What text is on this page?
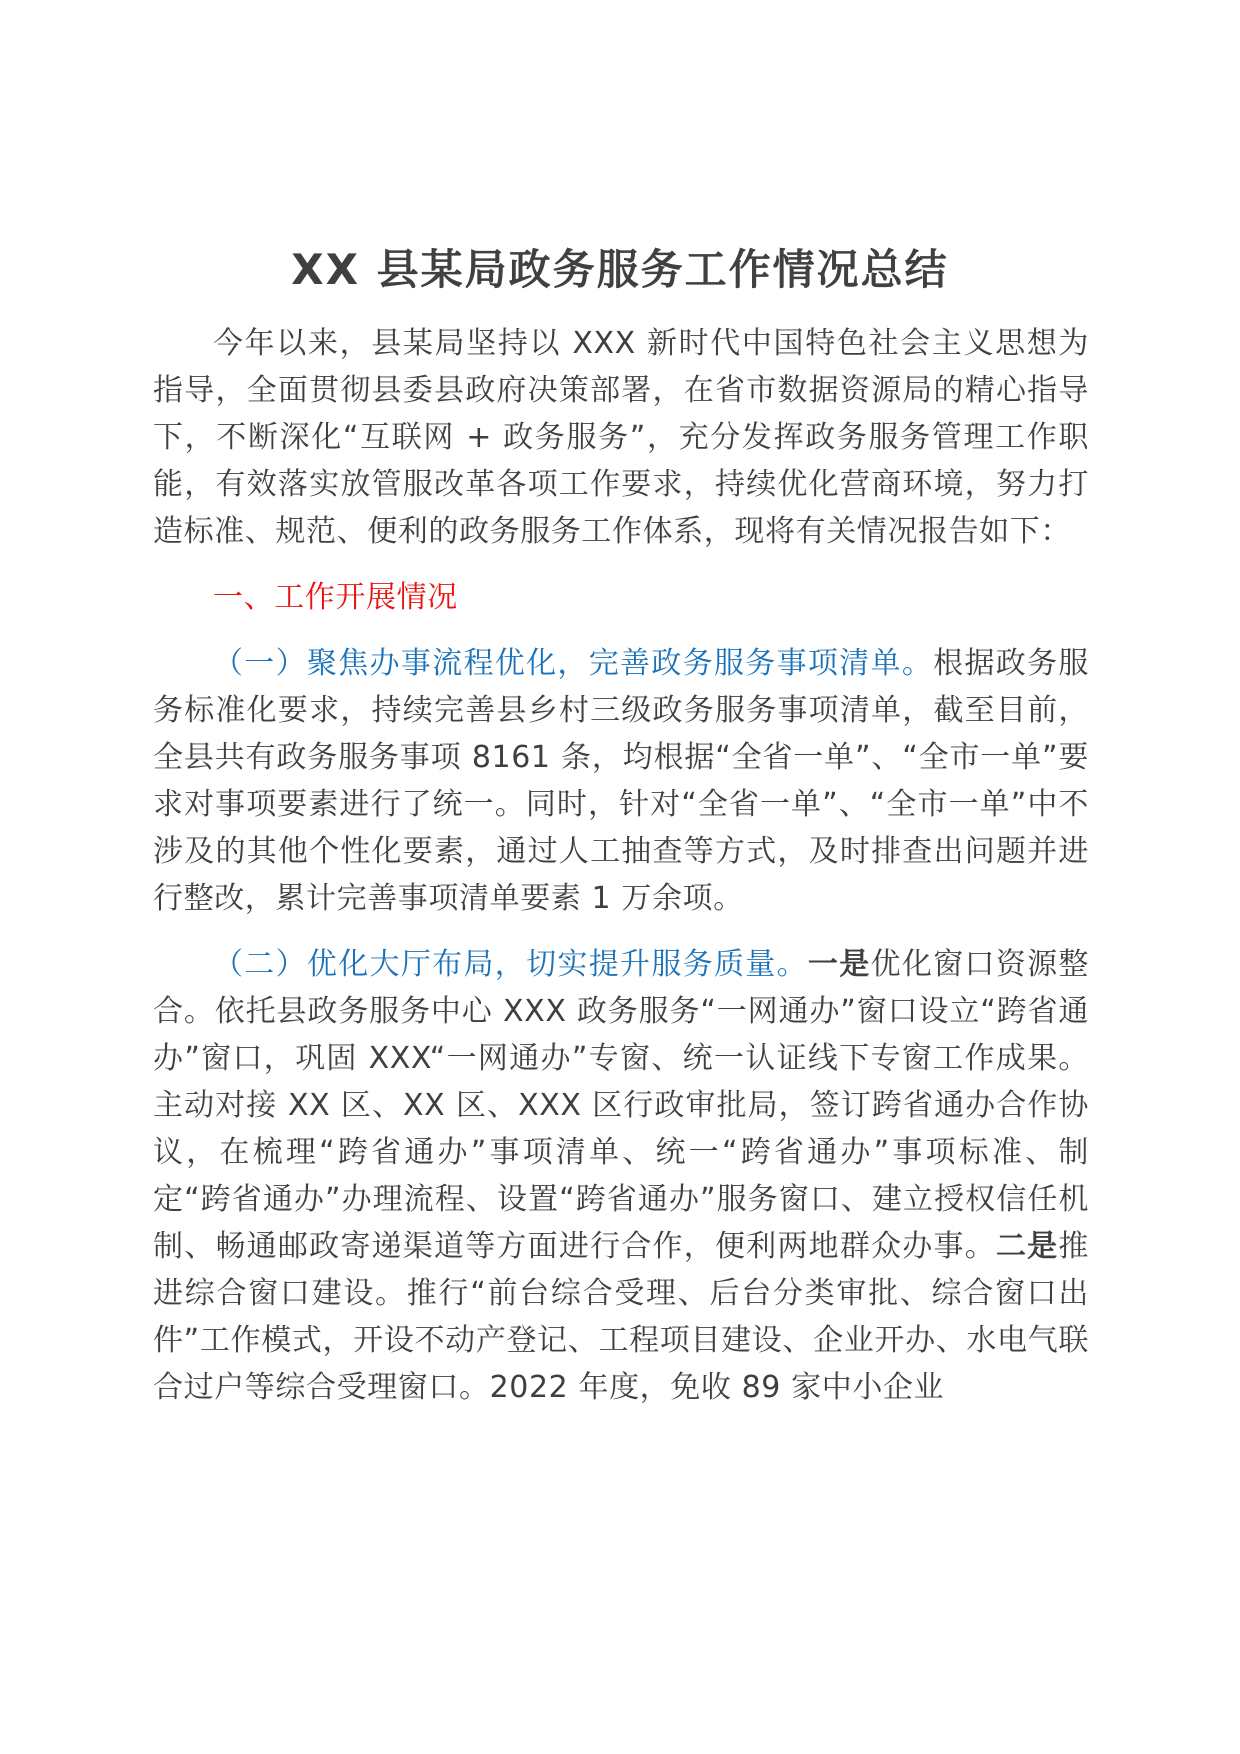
XX 县某局政务服务工作情况总结

今年以来，县某局坚持以 XXX 新时代中国特色社会主义思想为指导，全面贯彻县委县政府决策部署，在省市数据资源局的精心指导下，不断深化“互联网 + 政务服务”，充分发挥政务服务管理工作职能，有效落实放管服改革各项工作要求，持续优化营商环境，努力打造标准、规范、便利的政务服务工作体系，现将有关情况报告如下：

一、工作开展情况

（一）聚焦办事流程优化，完善政务服务事项清单。根据政务服务标准化要求，持续完善县乡村三级政务服务事项清单，截至目前，全县共有政务服务事项 8161 条，均根据“全省一单”、“全市一单”要求对事项要素进行了统一。同时，针对“全省一单”、“全市一单”中不涉及的其他个性化要素，通过人工抽查等方式，及时排查出问题并进行整改，累计完善事项清单要素 1 万余项。

（二）优化大厅布局，切实提升服务质量。一是优化窗口资源整合。依托县政务服务中心 XXX 政务服务“一网通办”窗口设立“跨省通办”窗口，巩固 XXX“一网通办”专窗、统一认证线下专窗工作成果。主动对接 XX 区、XX 区、XXX 区行政审批局，签订跨省通办合作协议，在梳理“跨省通办”事项清单、统一“跨省通办”事项标准、制定“跨省通办”办理流程、设置“跨省通办”服务窗口、建立授权信任机制、畅通邮政寄递渠道等方面进行合作，便利两地群众办事。二是推进综合窗口建设。推行“前台综合受理、后台分类审批、综合窗口出件”工作模式，开设不动产登记、工程项目建设、企业开办、水电气联合过户等综合受理窗口。2022 年度，免收 89 家中小企业
